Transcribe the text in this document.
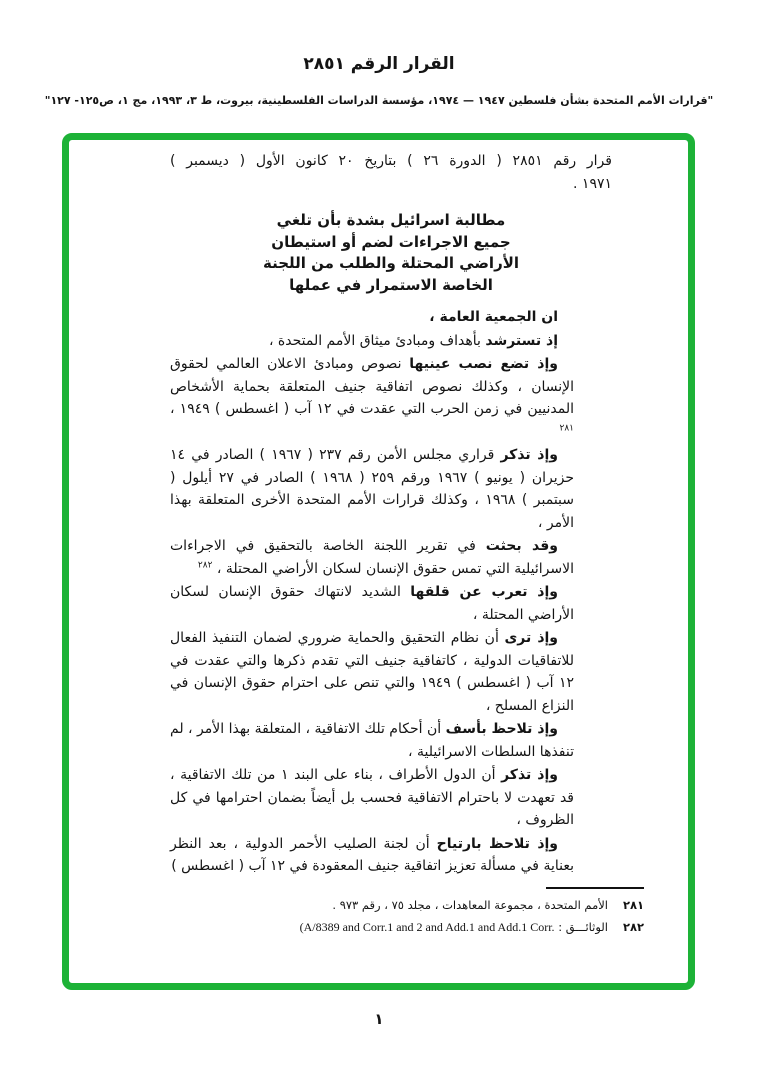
القرار الرقم ٢٨٥١
"قرارات الأمم المتحدة بشأن فلسطين ١٩٤٧ — ١٩٧٤، مؤسسة الدراسات الفلسطينية، بيروت، ط ٣، ١٩٩٣، مج ١، ص١٢٥- ١٢٧"
قرار رقم ٢٨٥١ ( الدورة ٢٦ ) بتاريخ ٢٠ كانون الأول ( ديسمبر )
١٩٧١ .
مطالبة اسرائيل بشدة بأن تلغي
جميع الاجراءات لضم أو استيطان
الأراضي المحتلة والطلب من اللجنة
الخاصة الاستمرار في عملها

ان الجمعية العامة ،

إذ تسترشد بأهداف ومبادئ ميثاق الأمم المتحدة ،

وإذ تضع نصب عينيها نصوص ومبادئ الاعلان العالمي لحقوق الإنسان ، وكذلك نصوص اتفاقية جنيف المتعلقة بحماية الأشخاص المدنيين في زمن الحرب التي عقدت في ١٢ آب ( اغسطس ) ١٩٤٩ ، $^{٢٨١}$

وإذ تذكر قراري مجلس الأمن رقم ٢٣٧ ( ١٩٦٧ ) الصادر في ١٤ حزيران ( يونيو ) ١٩٦٧ ورقم ٢٥٩ ( ١٩٦٨ ) الصادر في ٢٧ أيلول ( سبتمبر ) ١٩٦٨ ، وكذلك قرارات الأمم المتحدة الأخرى المتعلقة بهذا الأمر ،

وقد بحثت في تقرير اللجنة الخاصة بالتحقيق في الاجراءات الاسرائيلية التي تمس حقوق الإنسان لسكان الأراضي المحتلة ، $^{٢٨٢}$

وإذ تعرب عن قلقها الشديد لانتهاك حقوق الإنسان لسكان الأراضي المحتلة ،

وإذ ترى أن نظام التحقيق والحماية ضروري لضمان التنفيذ الفعال للاتفاقيات الدولية ، كاتفاقية جنيف التي تقدم ذكرها والتي عقدت في ١٢ آب ( اغسطس ) ١٩٤٩ والتي تنص على احترام حقوق الإنسان في النزاع المسلح ،

وإذ تلاحظ بأسف أن أحكام تلك الاتفاقية ، المتعلقة بهذا الأمر ، لم تنفذها السلطات الاسرائيلية ،

وإذ تذكر أن الدول الأطراف ، بناء على البند ١ من تلك الاتفاقية ، قد تعهدت لا باحترام الاتفاقية فحسب بل أيضاً بضمان احترامها في كل الظروف ،

وإذ تلاحظ بارتياح أن لجنة الصليب الأحمر الدولية ، بعد النظر بعناية في مسألة تعزيز اتفاقية جنيف المعقودة في ١٢ آب ( اغسطس )

٢٨١
الأمم المتحدة ، مجموعة المعاهدات ، مجلد ٧٥ ، رقم ٩٧٣ .
٢٨٢
الوثائـــق : (A/8389 and Corr.1 and 2 and Add.1 and Add.1 Corr.
١
